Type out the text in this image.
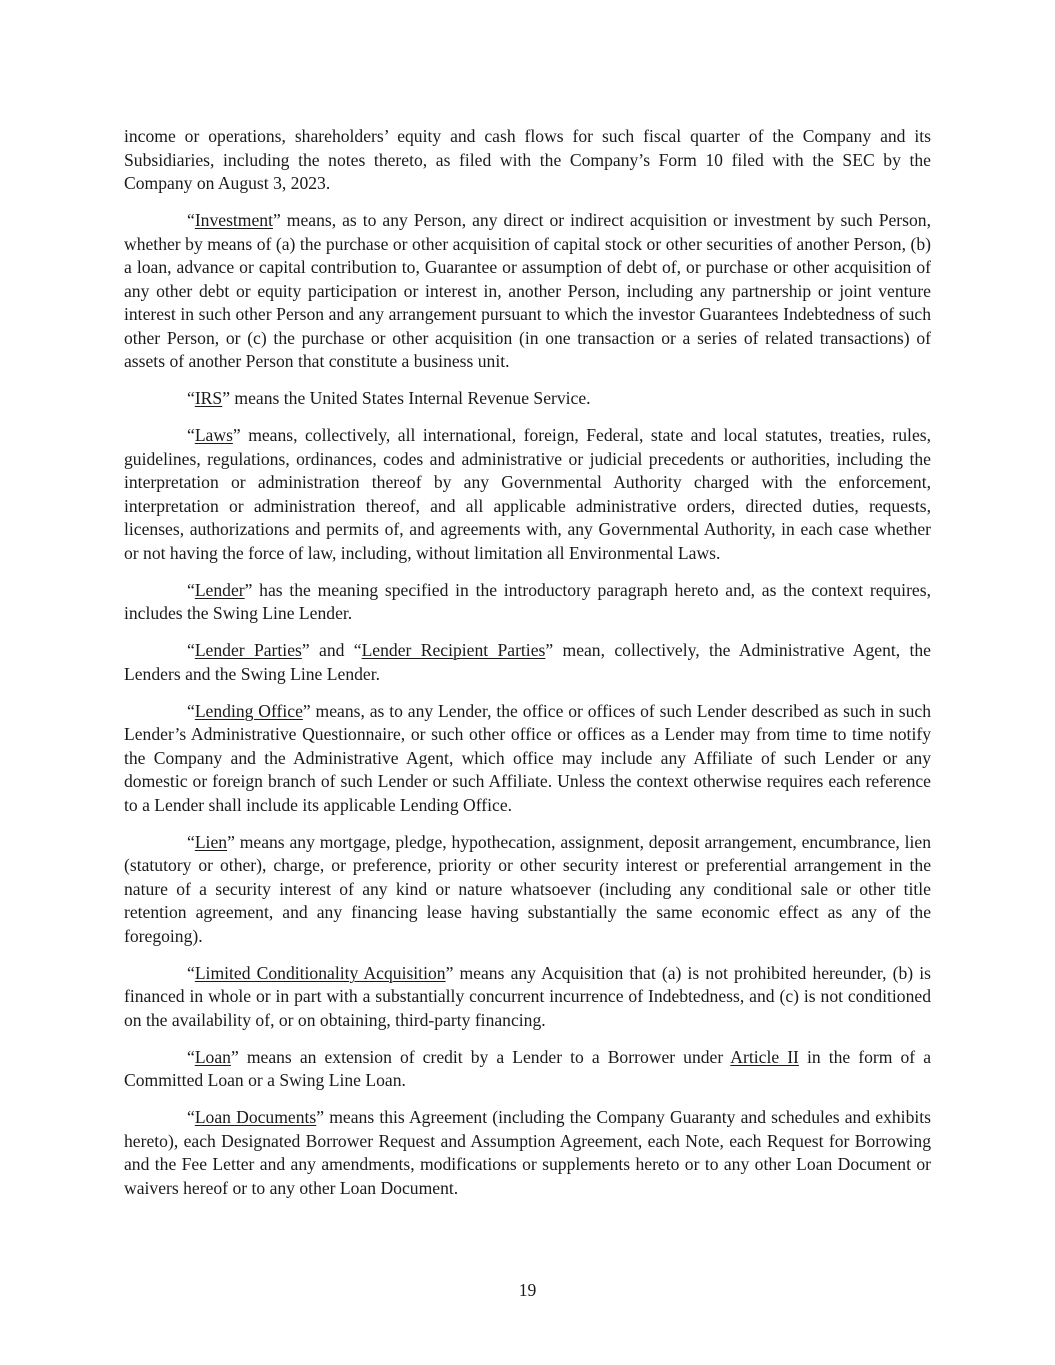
income or operations, shareholders’ equity and cash flows for such fiscal quarter of the Company and its Subsidiaries, including the notes thereto, as filed with the Company’s Form 10 filed with the SEC by the Company on August 3, 2023.

“Investment” means, as to any Person, any direct or indirect acquisition or investment by such Person, whether by means of (a) the purchase or other acquisition of capital stock or other securities of another Person, (b) a loan, advance or capital contribution to, Guarantee or assumption of debt of, or purchase or other acquisition of any other debt or equity participation or interest in, another Person, including any partnership or joint venture interest in such other Person and any arrangement pursuant to which the investor Guarantees Indebtedness of such other Person, or (c) the purchase or other acquisition (in one transaction or a series of related transactions) of assets of another Person that constitute a business unit.

“IRS” means the United States Internal Revenue Service.

“Laws” means, collectively, all international, foreign, Federal, state and local statutes, treaties, rules, guidelines, regulations, ordinances, codes and administrative or judicial precedents or authorities, including the interpretation or administration thereof by any Governmental Authority charged with the enforcement, interpretation or administration thereof, and all applicable administrative orders, directed duties, requests, licenses, authorizations and permits of, and agreements with, any Governmental Authority, in each case whether or not having the force of law, including, without limitation all Environmental Laws.

“Lender” has the meaning specified in the introductory paragraph hereto and, as the context requires, includes the Swing Line Lender.

“Lender Parties” and “Lender Recipient Parties” mean, collectively, the Administrative Agent, the Lenders and the Swing Line Lender.

“Lending Office” means, as to any Lender, the office or offices of such Lender described as such in such Lender’s Administrative Questionnaire, or such other office or offices as a Lender may from time to time notify the Company and the Administrative Agent, which office may include any Affiliate of such Lender or any domestic or foreign branch of such Lender or such Affiliate. Unless the context otherwise requires each reference to a Lender shall include its applicable Lending Office.

“Lien” means any mortgage, pledge, hypothecation, assignment, deposit arrangement, encumbrance, lien (statutory or other), charge, or preference, priority or other security interest or preferential arrangement in the nature of a security interest of any kind or nature whatsoever (including any conditional sale or other title retention agreement, and any financing lease having substantially the same economic effect as any of the foregoing).

“Limited Conditionality Acquisition” means any Acquisition that (a) is not prohibited hereunder, (b) is financed in whole or in part with a substantially concurrent incurrence of Indebtedness, and (c) is not conditioned on the availability of, or on obtaining, third-party financing.

“Loan” means an extension of credit by a Lender to a Borrower under Article II in the form of a Committed Loan or a Swing Line Loan.

“Loan Documents” means this Agreement (including the Company Guaranty and schedules and exhibits hereto), each Designated Borrower Request and Assumption Agreement, each Note, each Request for Borrowing and the Fee Letter and any amendments, modifications or supplements hereto or to any other Loan Document or waivers hereof or to any other Loan Document.

19
